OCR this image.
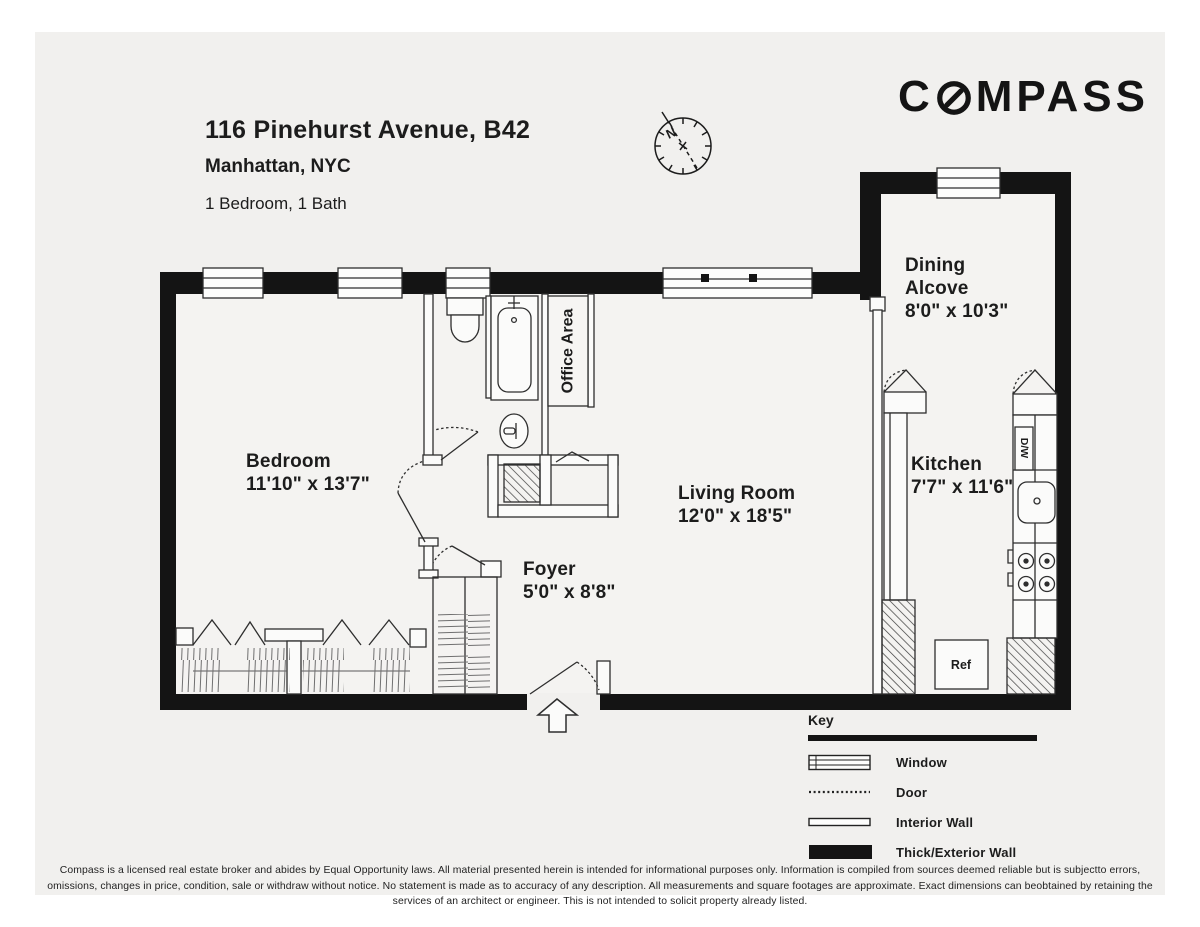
Office Area
D/W
Ref
N
116 Pinehurst Avenue, B42
Manhattan, NYC
1 Bedroom, 1 Bath
C MPASS
Bedroom
11'10" x 13'7"	Living Room
12'0" x 18'5"
Foyer
5'0" x 8'8"
Dining
Alcove
8'0" x 10'3"
Kitchen
7'7" x 11'6"
Key
Window
Door
Interior Wall
Thick/Exterior Wall
Compass is a licensed real estate broker and abides by Equal Opportunity laws. All material presented herein is intended for informational purposes only. Information is compiled from sources deemed reliable but is subjectto errors, omissions, changes in price, condition, sale or withdraw without notice. No statement is made as to accuracy of any description. All measurements and square footages are approximate. Exact dimensions can beobtained by retaining the services of an architect or engineer. This is not intended to solicit property already listed.
